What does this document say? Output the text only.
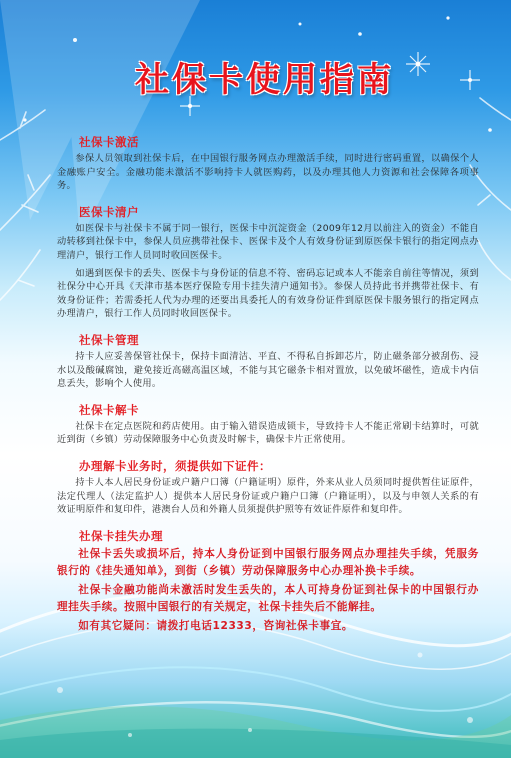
社保卡使用指南
社保卡激活

参保人员领取到社保卡后，在中国银行服务网点办理激活手续，同时进行密码重置，以确保个人金融账户安全。金融功能未激活不影响持卡人就医购药，以及办理其他人力资源和社会保障各项事务。

医保卡清户

如医保卡与社保卡不属于同一银行，医保卡中沉淀资金（2009年12月以前注入的资金）不能自动转移到社保卡中，参保人员应携带社保卡、医保卡及个人有效身份证到原医保卡银行的指定网点办理清户，银行工作人员同时收回医保卡。

如遇到医保卡的丢失、医保卡与身份证的信息不符、密码忘记或本人不能亲自前往等情况，须到社保分中心开具《天津市基本医疗保险专用卡挂失清户通知书》。参保人员持此书并携带社保卡、有效身份证件；若需委托人代为办理的还要出具委托人的有效身份证件到原医保卡服务银行的指定网点办理清户，银行工作人员同时收回医保卡。

社保卡管理

持卡人应妥善保管社保卡，保持卡面清洁、平直、不得私自拆卸芯片，防止磁条部分被刮伤、浸水以及酸碱腐蚀，避免接近高磁高温区域，不能与其它磁条卡相对置放，以免破坏磁性，造成卡内信息丢失，影响个人使用。

社保卡解卡

社保卡在定点医院和药店使用。由于输入错误造成锁卡，导致持卡人不能正常刷卡结算时，可就近到街（乡镇）劳动保障服务中心负责及时解卡，确保卡片正常使用。

办理解卡业务时，须提供如下证件：

持卡人本人居民身份证或户籍户口簿（户籍证明）原件，外来从业人员须同时提供暂住证原件，法定代理人（法定监护人）提供本人居民身份证或户籍户口簿（户籍证明），以及与申领人关系的有效证明原件和复印件，港澳台人员和外籍人员须提供护照等有效证件原件和复印件。

社保卡挂失办理

社保卡丢失或损坏后，持本人身份证到中国银行服务网点办理挂失手续，凭服务银行的《挂失通知单》，到街（乡镇）劳动保障服务中心办理补换卡手续。

社保卡金融功能尚未激活时发生丢失的，本人可持身份证到社保卡的中国银行办理挂失手续。按照中国银行的有关规定，社保卡挂失后不能解挂。

如有其它疑问：请拨打电话12333，咨询社保卡事宜。
